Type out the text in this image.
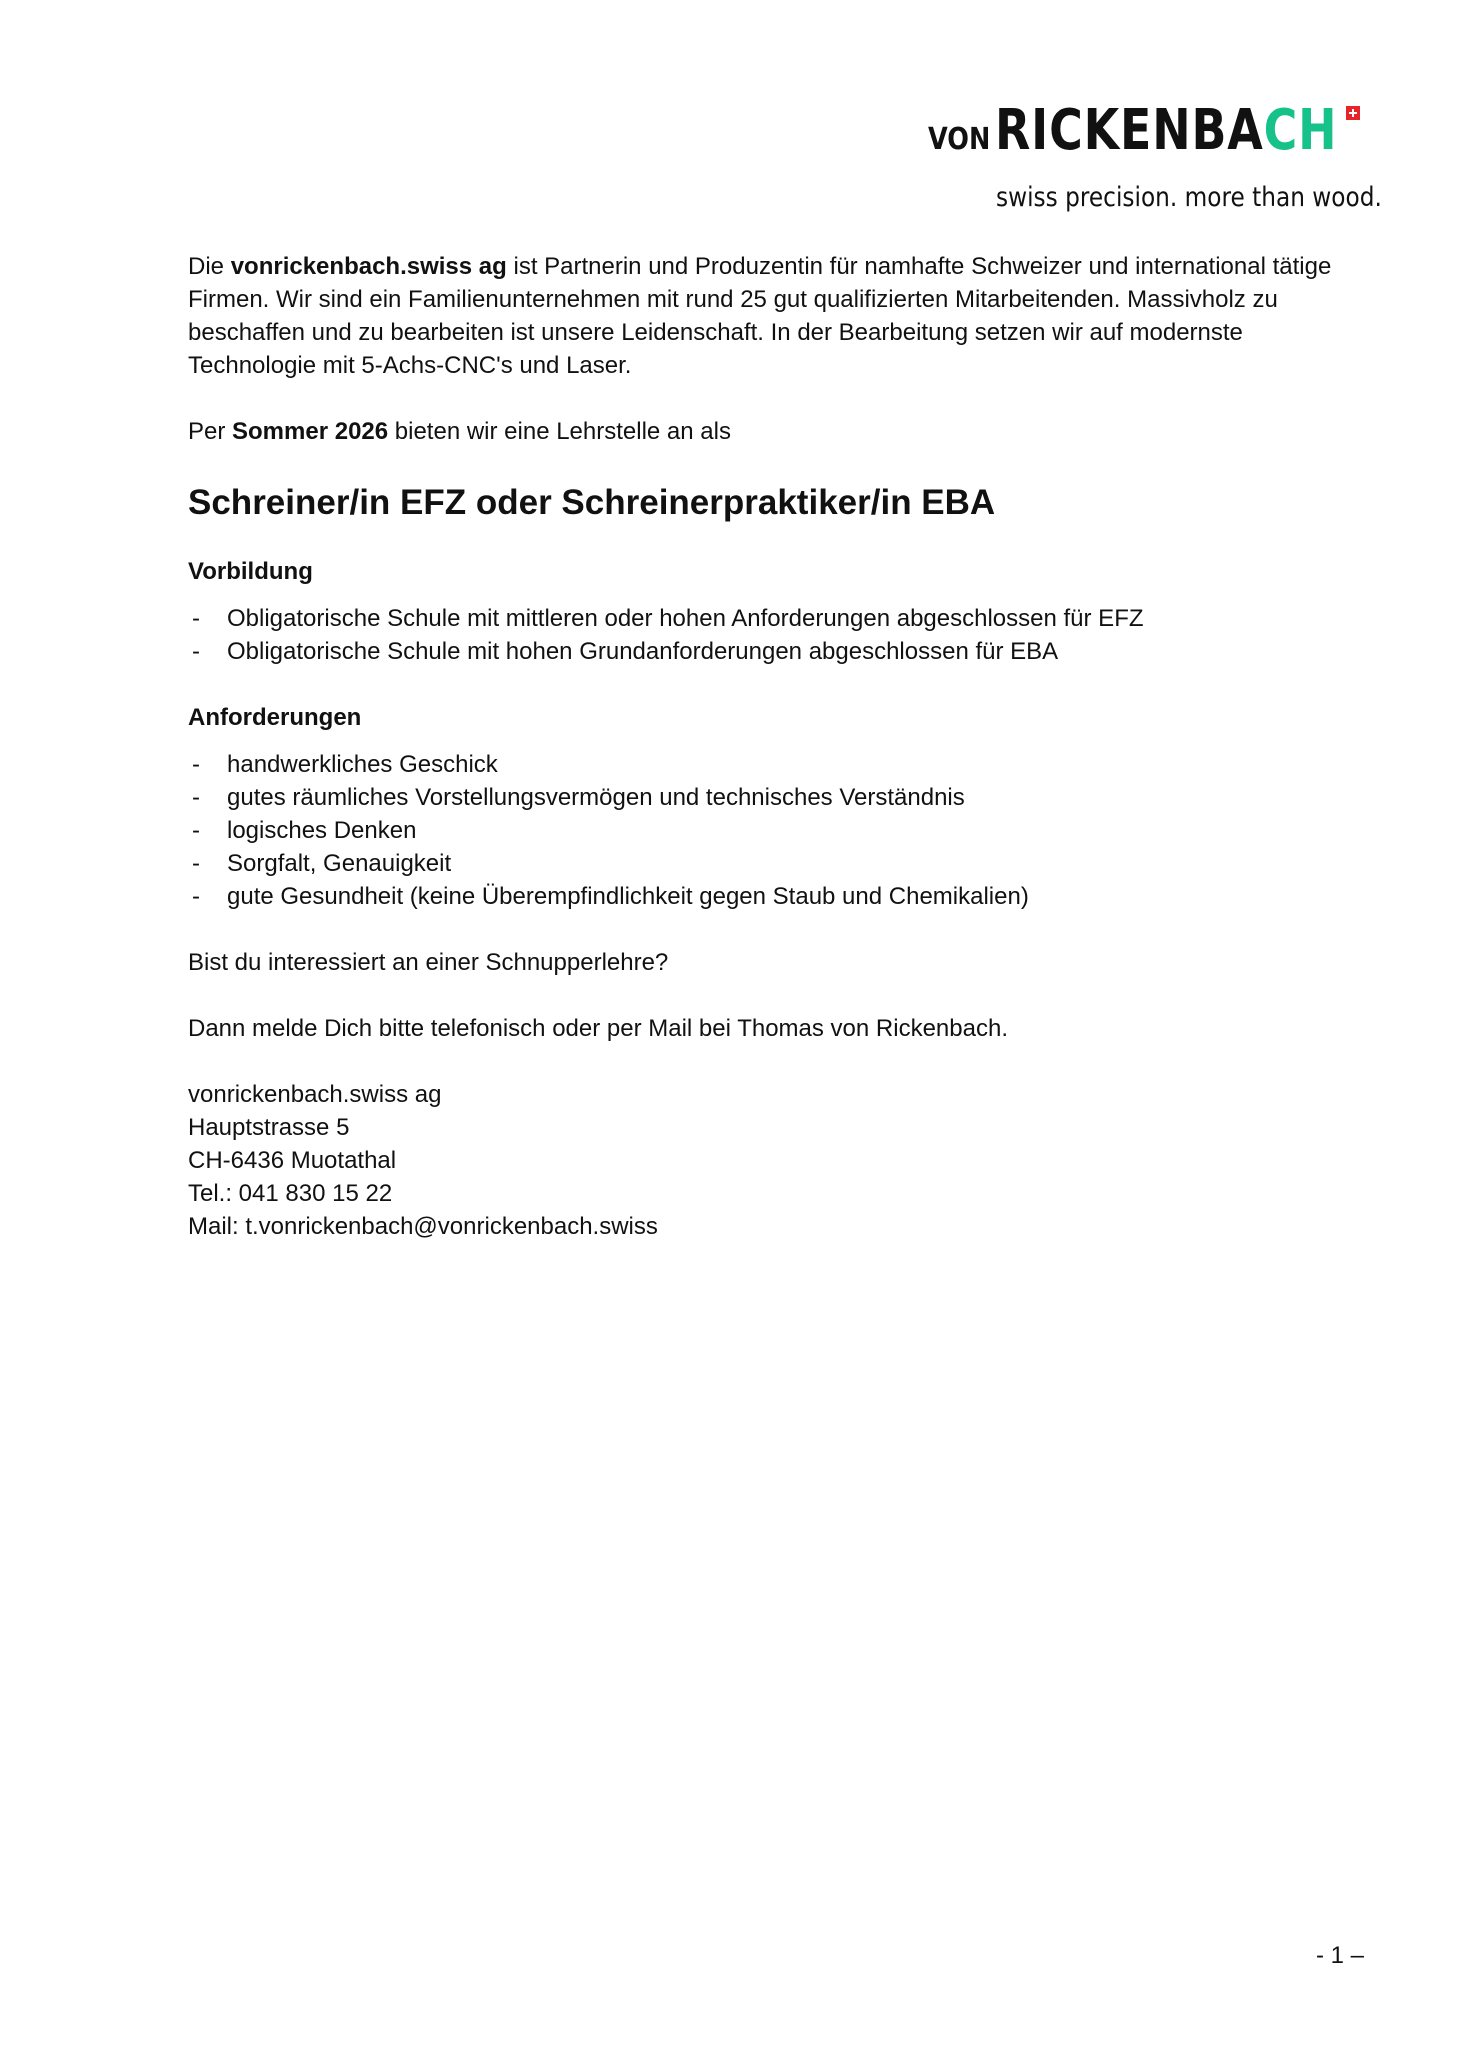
VONRICKENBACH
swiss precision. more than wood.

Die vonrickenbach.swiss ag ist Partnerin und Produzentin für namhafte Schweizer und international tätige Firmen. Wir sind ein Familienunternehmen mit rund 25 gut qualifizierten Mitarbeitenden. Massivholz zu beschaffen und zu bearbeiten ist unsere Leidenschaft. In der Bearbeitung setzen wir auf modernste Technologie mit 5-Achs-CNC's und Laser.

Per Sommer 2026 bieten wir eine Lehrstelle an als

Schreiner/in EFZ oder Schreinerpraktiker/in EBA
Vorbildung
- Obligatorische Schule mit mittleren oder hohen Anforderungen abgeschlossen für EFZ
- Obligatorische Schule mit hohen Grundanforderungen abgeschlossen für EBA
Anforderungen
- handwerkliches Geschick
- gutes räumliches Vorstellungsvermögen und technisches Verständnis
- logisches Denken
- Sorgfalt, Genauigkeit
- gute Gesundheit (keine Überempfindlichkeit gegen Staub und Chemikalien)

Bist du interessiert an einer Schnupperlehre?

Dann melde Dich bitte telefonisch oder per Mail bei Thomas von Rickenbach.

vonrickenbach.swiss ag
Hauptstrasse 5
CH-6436 Muotathal
Tel.: 041 830 15 22
Mail: t.vonrickenbach@vonrickenbach.swiss
- 1 –
